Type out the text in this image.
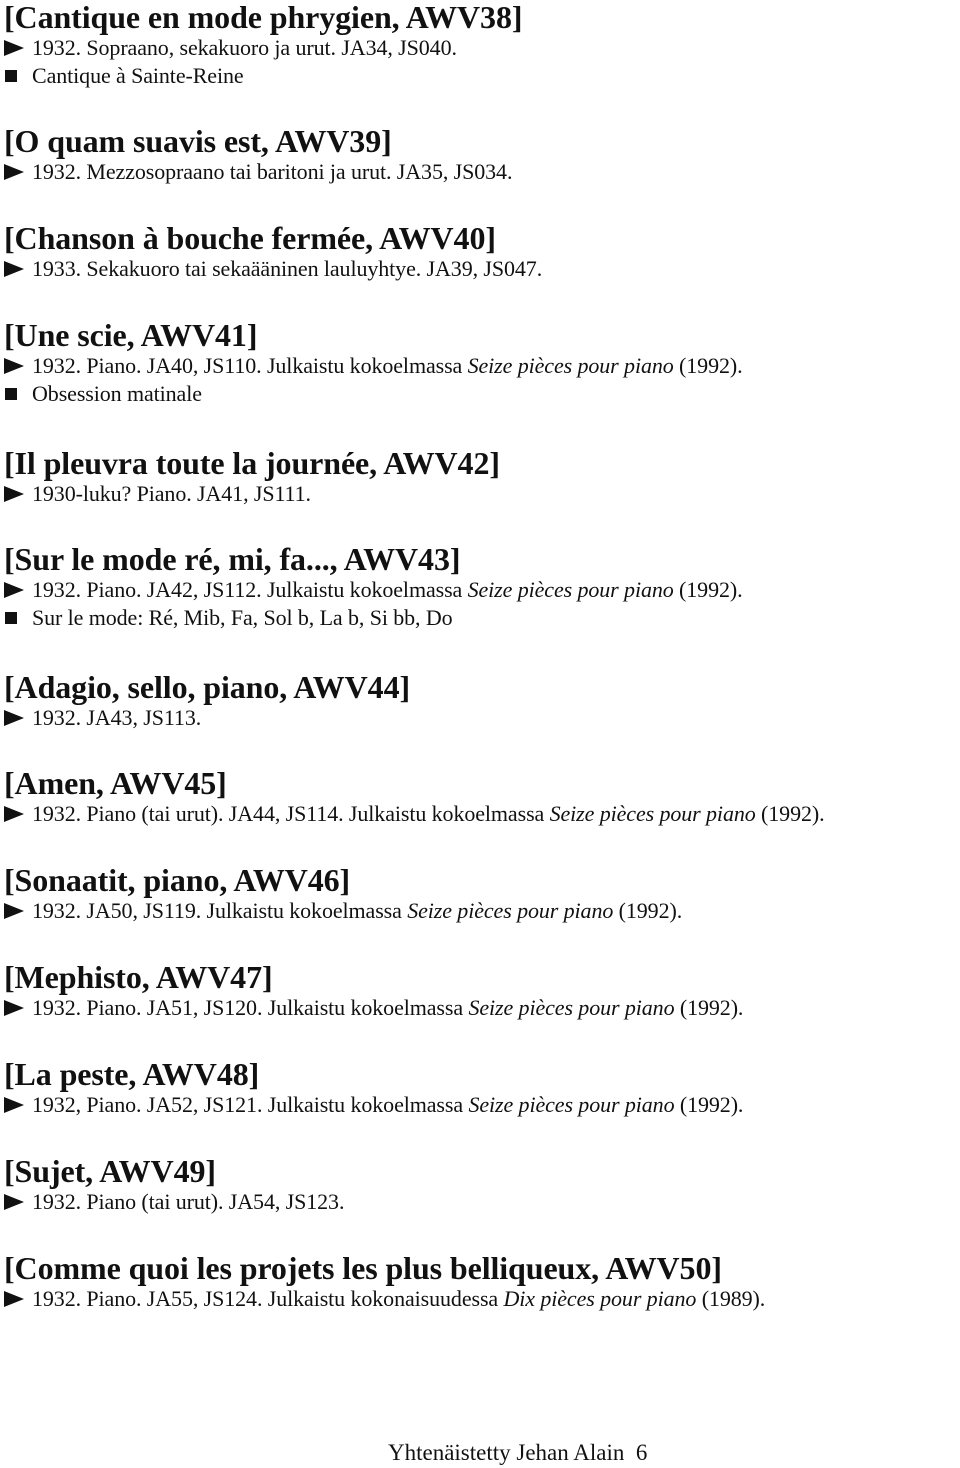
[Cantique en mode phrygien, AWV38]
1932. Sopraano, sekakuoro ja urut. JA34, JS040.
Cantique à Sainte-Reine
[O quam suavis est, AWV39]
1932. Mezzosopraano tai baritoni ja urut. JA35, JS034.
[Chanson à bouche fermée, AWV40]
1933. Sekakuoro tai sekaääninen lauluyhtye. JA39, JS047.
[Une scie, AWV41]
1932. Piano. JA40, JS110. Julkaistu kokoelmassa Seize pièces pour piano (1992).
Obsession matinale
[Il pleuvra toute la journée, AWV42]
1930-luku? Piano. JA41, JS111.
[Sur le mode ré, mi, fa..., AWV43]
1932. Piano. JA42, JS112. Julkaistu kokoelmassa Seize pièces pour piano (1992).
Sur le mode: Ré, Mib, Fa, Sol b, La b, Si bb, Do
[Adagio, sello, piano, AWV44]
1932. JA43, JS113.
[Amen, AWV45]
1932. Piano (tai urut). JA44, JS114. Julkaistu kokoelmassa Seize pièces pour piano (1992).
[Sonaatit, piano, AWV46]
1932. JA50, JS119. Julkaistu kokoelmassa Seize pièces pour piano (1992).
[Mephisto, AWV47]
1932. Piano. JA51, JS120. Julkaistu kokoelmassa Seize pièces pour piano (1992).
[La peste, AWV48]
1932, Piano. JA52, JS121. Julkaistu kokoelmassa Seize pièces pour piano (1992).
[Sujet, AWV49]
1932. Piano (tai urut). JA54, JS123.
[Comme quoi les projets les plus belliqueux, AWV50]
1932. Piano. JA55, JS124. Julkaistu kokonaisuudessa Dix pièces pour piano (1989).
Yhtenäistetty Jehan Alain 6
